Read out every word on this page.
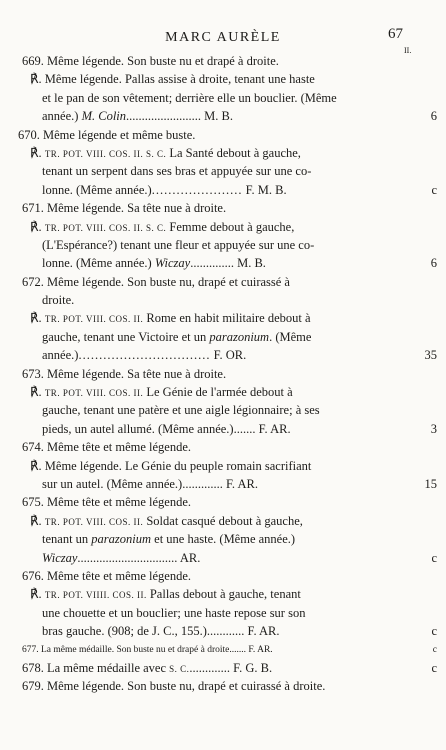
MARC AURÈLE	67
II.
669. Même légende. Son buste nu et drapé à droite.
℟. Même légende. Pallas assise à droite, tenant une haste
et le pan de son vêtement; derrière elle un bouclier. (Même
année.) M. Colin........................ M. B.	6
670. Même légende et même buste.
℟. TR. POT. VIII. COS. II. S. C. La Santé debout à gauche,
tenant un serpent dans ses bras et appuyée sur une co-
lonne. (Même année.)...................... F. M. B.	c
671. Même légende. Sa tête nue à droite.
℟. TR. POT. VIII. COS. II. S. C. Femme debout à gauche,
(L'Espérance?) tenant une fleur et appuyée sur une co-
lonne. (Même année.) Wiczay.............. M. B.	6
672. Même légende. Son buste nu, drapé et cuirassé à
droite.
℟. TR. POT. VIII. COS. II. Rome en habit militaire debout à
gauche, tenant une Victoire et un parazonium. (Même
année.)................................ F. OR.	35
673. Même légende. Sa tête nue à droite.
℟. TR. POT. VIII. COS. II. Le Génie de l'armée debout à
gauche, tenant une patère et une aigle légionnaire; à ses
pieds, un autel allumé. (Même année.)....... F. AR.	3
674. Même tête et même légende.
℟. Même légende. Le Génie du peuple romain sacrifiant
sur un autel. (Même année.)............. F. AR.	15
675. Même tête et même légende.
℟. TR. POT. VIII. COS. II. Soldat casqué debout à gauche,
tenant un parazonium et une haste. (Même année.)
Wiczay................................ AR.	c
676. Même tête et même légende.
℟. TR. POT. VIIII. COS. II. Pallas debout à gauche, tenant
une chouette et un bouclier; une haste repose sur son
bras gauche. (908; de J. C., 155.)............ F. AR.	c
677. La même médaille. Son buste nu et drapé à droite....... F. AR.	c
678. La même médaille avec S. C.............. F. G. B.	c
679. Même légende. Son buste nu, drapé et cuirassé à droite.
